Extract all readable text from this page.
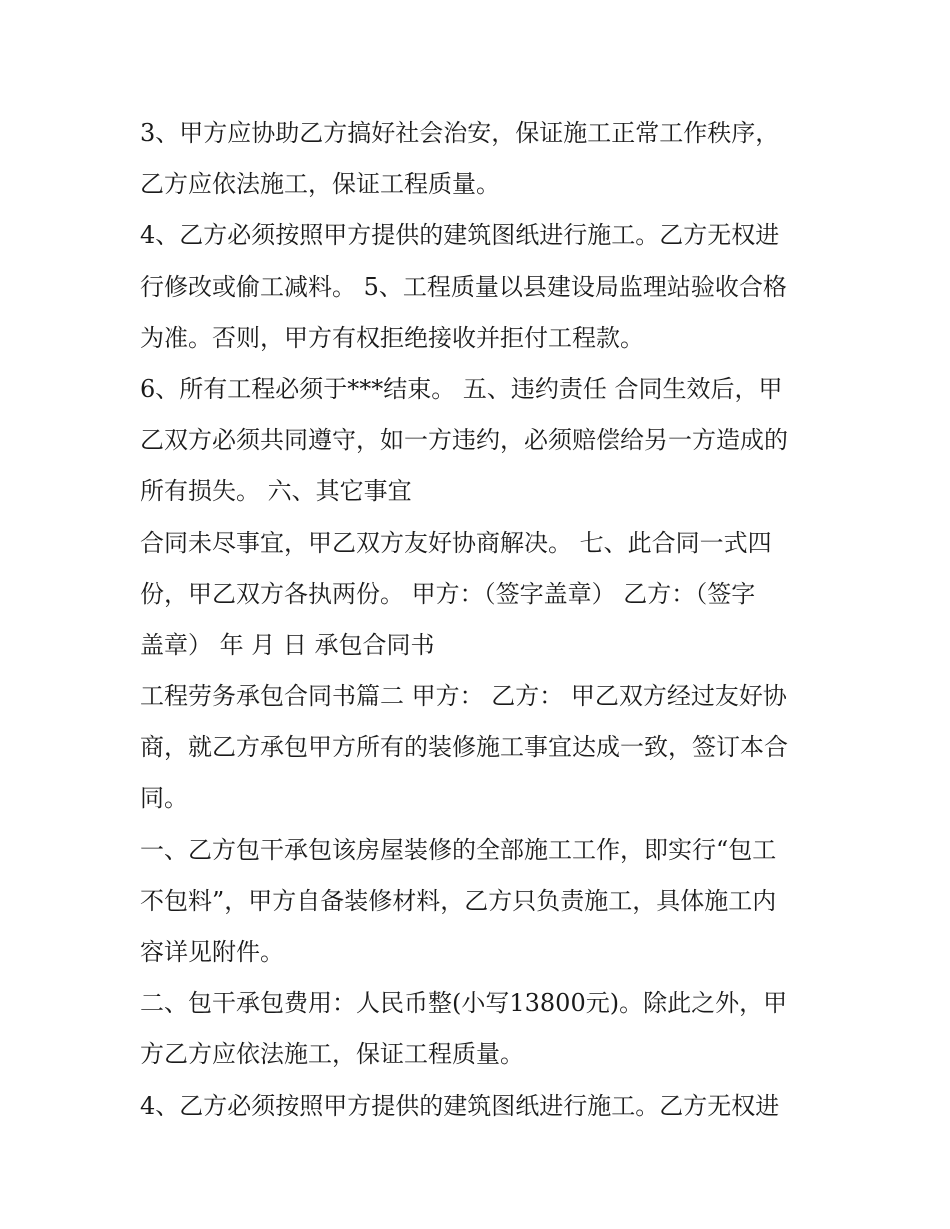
3、甲方应协助乙方搞好社会治安，保证施工正常工作秩序，
乙方应依法施工，保证工程质量。
4、乙方必须按照甲方提供的建筑图纸进行施工。乙方无权进
行修改或偷工减料。 5、工程质量以县建设局监理站验收合格
为准。否则，甲方有权拒绝接收并拒付工程款。
6、所有工程必须于***结束。 五、违约责任 合同生效后，甲
乙双方必须共同遵守，如一方违约，必须赔偿给另一方造成的
所有损失。 六、其它事宜
合同未尽事宜，甲乙双方友好协商解决。 七、此合同一式四
份，甲乙双方各执两份。 甲方：（签字盖章） 乙方：（签字
盖章） 年 月 日 承包合同书
工程劳务承包合同书篇二 甲方： 乙方： 甲乙双方经过友好协
商，就乙方承包甲方所有的装修施工事宜达成一致，签订本合
同。
一、乙方包干承包该房屋装修的全部施工工作，即实行“包工
不包料”，甲方自备装修材料，乙方只负责施工，具体施工内
容详见附件。
二、包干承包费用：人民币整(小写13800元)。除此之外，甲
方乙方应依法施工，保证工程质量。
4、乙方必须按照甲方提供的建筑图纸进行施工。乙方无权进
